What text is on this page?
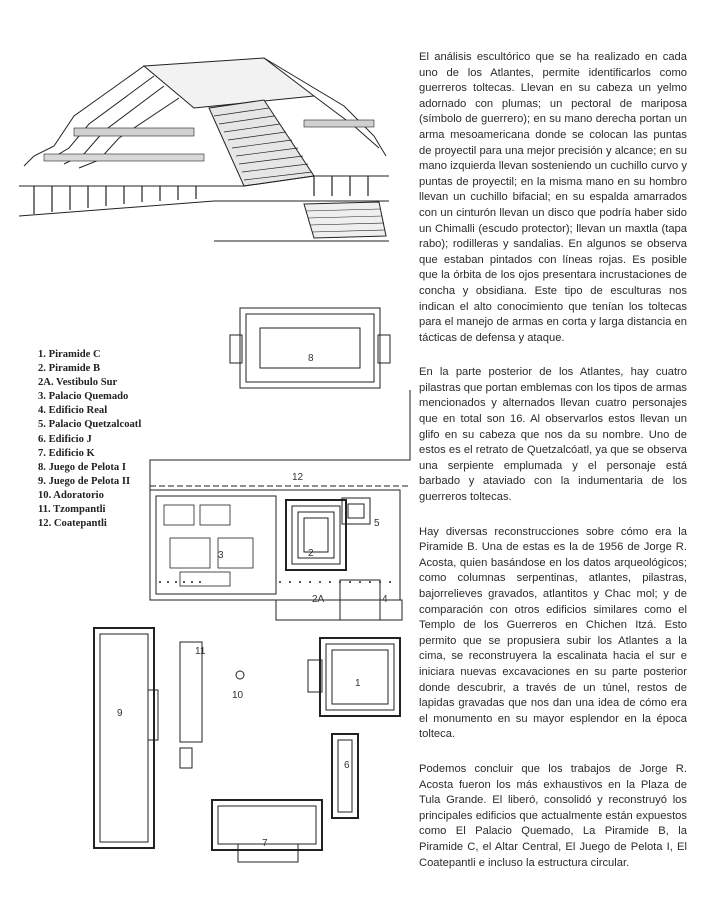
8
12
3	2
5
2A	4
1
9
11
10
6
7
1. Piramide C
2. Piramide B
2A. Vestibulo Sur
3. Palacio Quemado
4. Edificio Real
5. Palacio Quetzalcoatl
6. Edificio J
7. Edificio K
8. Juego de Pelota I
9. Juego de Pelota II
10. Adoratorio
11. Tzompantli
12. Coatepantli

El análisis escultórico que se ha realizado en cada uno de los Atlantes, permite identificarlos como guerreros toltecas. Llevan en su cabeza un yelmo adornado con plumas; un pectoral de mariposa (símbolo de guerrero); en su mano derecha portan un arma mesoamericana donde se colocan las puntas de proyectil para una mejor precisión y alcance; en su mano izquierda llevan sosteniendo un cuchillo curvo y puntas de proyectil; en la misma mano en su hombro llevan un cuchillo bifacial; en su espalda amarrados con un cinturón llevan un disco que podría haber sido un Chimalli (escudo protector); llevan un maxtla (tapa rabo); rodilleras y sandalias. En algunos se observa que estaban pintados con líneas rojas. Es posible que la órbita de los ojos presentara incrustaciones de concha y obsidiana. Este tipo de esculturas nos indican el alto conocimiento que tenían los toltecas para el manejo de armas en corta y larga distancia en tácticas de defensa y ataque.

En la parte posterior de los Atlantes, hay cuatro pilastras que portan emblemas con los tipos de armas mencionados y alternados llevan cuatro personajes que en total son 16. Al observarlos estos llevan un glifo en su cabeza que nos da su nombre. Uno de estos es el retrato de Quetzalcóatl, ya que se observa una serpiente emplumada y el personaje está barbado y ataviado con la indumentaria de los guerreros toltecas.

Hay diversas reconstrucciones sobre cómo era la Piramide B. Una de estas es la de 1956 de Jorge R. Acosta, quien basándose en los datos arqueológicos; como columnas serpentinas, atlantes, pilastras, bajorrelieves gravados, atlantitos y Chac mol; y de comparación con otros edificios similares como el Templo de los Guerreros en Chichen Itzá. Esto permito que se propusiera subir los Atlantes a la cima, se reconstruyera la escalinata hacia el sur e iniciara nuevas excavaciones en su parte posterior donde descubrir, a través de un túnel, restos de lapidas gravadas que nos dan una idea de cómo era el monumento en su mayor esplendor en la época tolteca.

Podemos concluir que los trabajos de Jorge R. Acosta fueron los más exhaustivos en la Plaza de Tula Grande. El liberó, consolidó y reconstruyó los principales edificios que actualmente están expuestos como El Palacio Quemado, La Piramide B, la Piramide C, el Altar Central, El Juego de Pelota I, El Coatepantli e incluso la estructura circular.
